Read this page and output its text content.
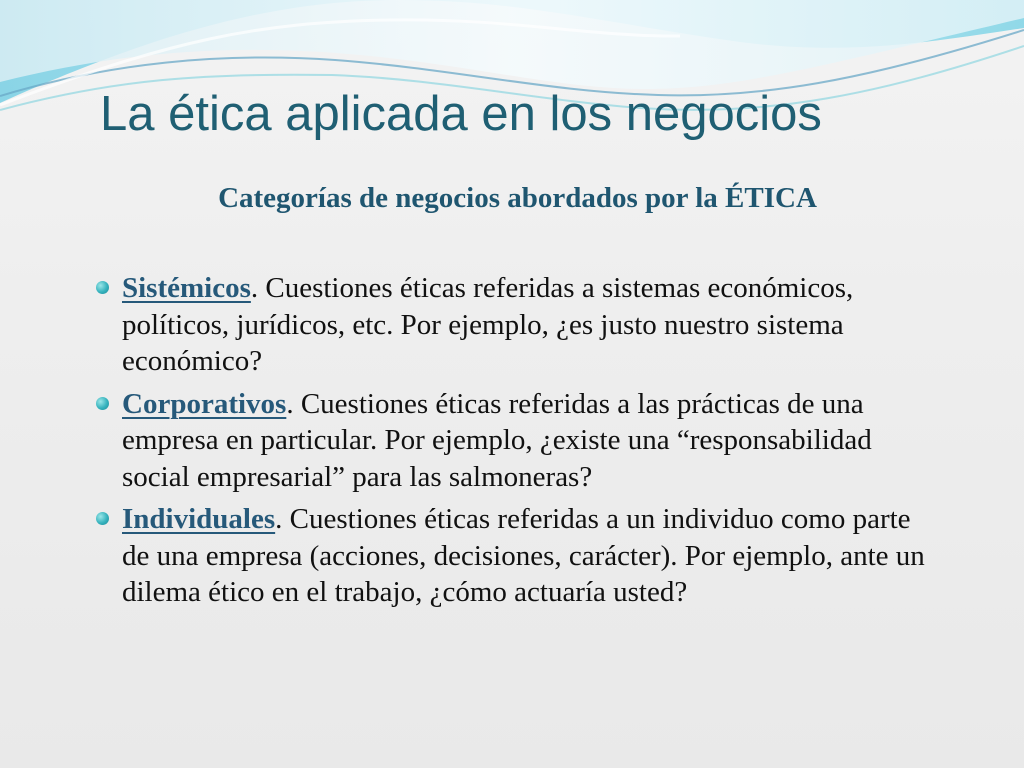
La ética aplicada en los negocios
Categorías de negocios abordados por la ÉTICA
Sistémicos. Cuestiones éticas referidas a sistemas económicos, políticos, jurídicos, etc. Por ejemplo, ¿es justo nuestro sistema económico?
Corporativos. Cuestiones éticas referidas a las prácticas de una empresa en particular. Por ejemplo, ¿existe una “responsabilidad social empresarial” para las salmoneras?
Individuales. Cuestiones éticas referidas a un individuo como parte de una empresa (acciones, decisiones, carácter). Por ejemplo, ante un dilema ético en el trabajo, ¿cómo actuaría usted?
